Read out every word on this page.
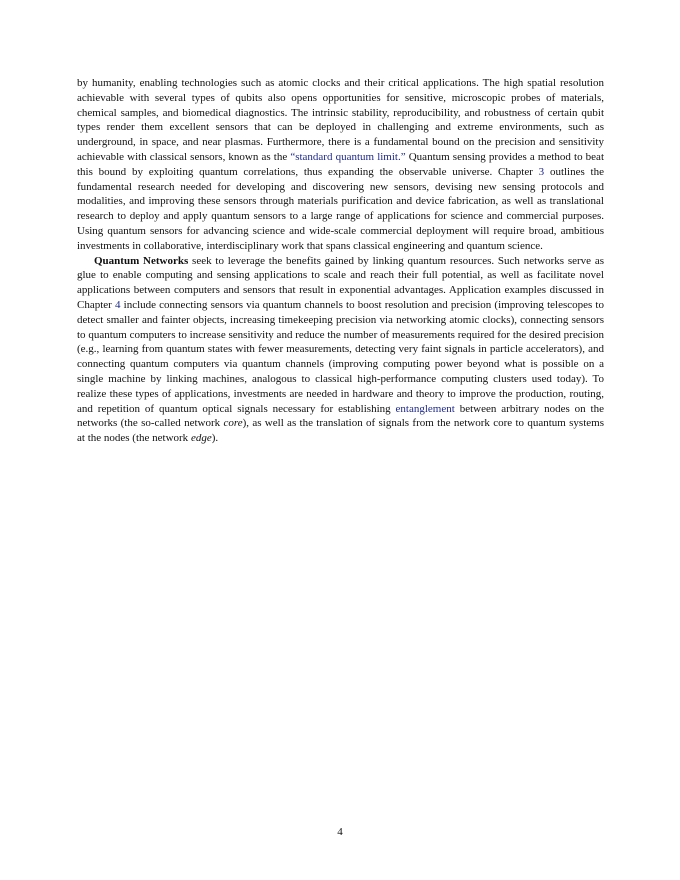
by humanity, enabling technologies such as atomic clocks and their critical applications. The high spatial resolution achievable with several types of qubits also opens opportunities for sensitive, microscopic probes of materials, chemical samples, and biomedical diagnostics. The intrinsic stability, reproducibility, and robustness of certain qubit types render them excellent sensors that can be deployed in challenging and extreme environments, such as underground, in space, and near plasmas. Furthermore, there is a fundamental bound on the precision and sensitivity achievable with classical sensors, known as the “standard quantum limit.” Quantum sensing provides a method to beat this bound by exploiting quantum correlations, thus expanding the observable universe. Chapter 3 outlines the fundamental research needed for developing and discovering new sensors, devising new sensing protocols and modalities, and improving these sensors through materials purification and device fabrication, as well as translational research to deploy and apply quantum sensors to a large range of applications for science and commercial purposes. Using quantum sensors for advancing science and wide-scale commercial deployment will require broad, ambitious investments in collaborative, interdisciplinary work that spans classical engineering and quantum science.

Quantum Networks seek to leverage the benefits gained by linking quantum resources. Such networks serve as glue to enable computing and sensing applications to scale and reach their full potential, as well as facilitate novel applications between computers and sensors that result in exponential advantages. Application examples discussed in Chapter 4 include connecting sensors via quantum channels to boost resolution and precision (improving telescopes to detect smaller and fainter objects, increasing timekeeping precision via networking atomic clocks), connecting sensors to quantum computers to increase sensitivity and reduce the number of measurements required for the desired precision (e.g., learning from quantum states with fewer measurements, detecting very faint signals in particle accelerators), and connecting quantum computers via quantum channels (improving computing power beyond what is possible on a single machine by linking machines, analogous to classical high-performance computing clusters used today). To realize these types of applications, investments are needed in hardware and theory to improve the production, routing, and repetition of quantum optical signals necessary for establishing entanglement between arbitrary nodes on the networks (the so-called network core), as well as the translation of signals from the network core to quantum systems at the nodes (the network edge).

4
